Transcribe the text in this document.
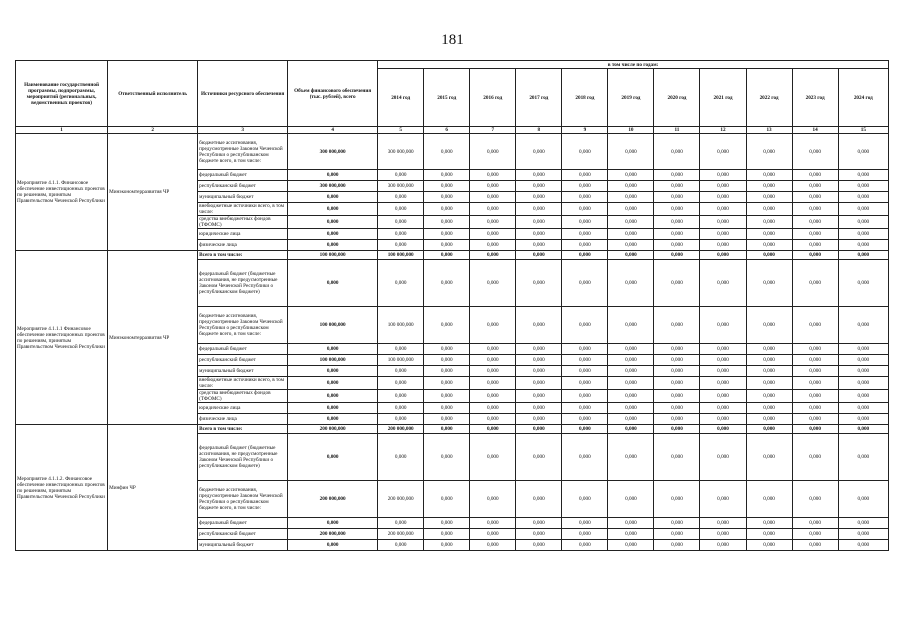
181
Наименование государственной программы, подпрограммы, мероприятий (региональных, ведомственных проектов)	Ответственный исполнитель	Источники ресурсного обеспечения	Объем финансового обеспечения (тыс. рублей), всего	в том числе по годам:										
				2014 год	2015 год	2016 год	2017 год	2018 год	2019 год	2020 год	2021 год	2022 год	2023 год	2024 год
1	2	3	4	5	6	7	8	9	10	11	12	13	14	15
Мероприятие 4.1.1. Финансовое обеспечение инвестиционных проектов по решениям, принятым Правительством Чеченской Республики	Минэкономтерразвития ЧР	бюджетные ассигнования, предусмотренные Законом Чеченской Республики о республиканском бюджете всего, в том числе:	300 000,000	300 000,000	0,000	0,000	0,000	0,000	0,000	0,000	0,000	0,000	0,000	0,000
		федеральный бюджет	0,000	0,000	0,000	0,000	0,000	0,000	0,000	0,000	0,000	0,000	0,000	0,000
		республиканский бюджет	300 000,000	300 000,000	0,000	0,000	0,000	0,000	0,000	0,000	0,000	0,000	0,000	0,000
		муниципальный бюджет	0,000	0,000	0,000	0,000	0,000	0,000	0,000	0,000	0,000	0,000	0,000	0,000
		внебюджетные источники всего, в том числе:	0,000	0,000	0,000	0,000	0,000	0,000	0,000	0,000	0,000	0,000	0,000	0,000
		средства внебюджетных фондов (ТФОМС)	0,000	0,000	0,000	0,000	0,000	0,000	0,000	0,000	0,000	0,000	0,000	0,000
		юридические лица	0,000	0,000	0,000	0,000	0,000	0,000	0,000	0,000	0,000	0,000	0,000	0,000
		физические лица	0,000	0,000	0,000	0,000	0,000	0,000	0,000	0,000	0,000	0,000	0,000	0,000
Мероприятие 4.1.1.1 Финансовое обеспечение инвестиционных проектов по решениям, принятым Правительством Чеченской Республики	Минэкономтерразвития ЧР	Всего в том числе:	100 000,000	100 000,000	0,000	0,000	0,000	0,000	0,000	0,000	0,000	0,000	0,000	0,000
		федеральный бюджет (бюджетные ассигнования, не предусмотренные Законом Чеченской Республики о республиканском бюджете)	0,000	0,000	0,000	0,000	0,000	0,000	0,000	0,000	0,000	0,000	0,000	0,000
		бюджетные ассигнования, предусмотренные Законом Чеченской Республики о республиканском бюджете всего, в том числе:	100 000,000	100 000,000	0,000	0,000	0,000	0,000	0,000	0,000	0,000	0,000	0,000	0,000
		федеральный бюджет	0,000	0,000	0,000	0,000	0,000	0,000	0,000	0,000	0,000	0,000	0,000	0,000
		республиканский бюджет	100 000,000	100 000,000	0,000	0,000	0,000	0,000	0,000	0,000	0,000	0,000	0,000	0,000
		муниципальный бюджет	0,000	0,000	0,000	0,000	0,000	0,000	0,000	0,000	0,000	0,000	0,000	0,000
		внебюджетные источники всего, в том числе:	0,000	0,000	0,000	0,000	0,000	0,000	0,000	0,000	0,000	0,000	0,000	0,000
		средства внебюджетных фондов (ТФОМС)	0,000	0,000	0,000	0,000	0,000	0,000	0,000	0,000	0,000	0,000	0,000	0,000
		юридические лица	0,000	0,000	0,000	0,000	0,000	0,000	0,000	0,000	0,000	0,000	0,000	0,000
		физические лица	0,000	0,000	0,000	0,000	0,000	0,000	0,000	0,000	0,000	0,000	0,000	0,000
Мероприятие 4.1.1.2. Финансовое обеспечение инвестиционных проектов по решениям, принятым Правительством Чеченской Республики	Минфин ЧР	Всего в том числе:	200 000,000	200 000,000	0,000	0,000	0,000	0,000	0,000	0,000	0,000	0,000	0,000	0,000
		федеральный бюджет (бюджетные ассигнования, не предусмотренные Законом Чеченской Республики о республиканском бюджете)	0,000	0,000	0,000	0,000	0,000	0,000	0,000	0,000	0,000	0,000	0,000	0,000
		бюджетные ассигнования, предусмотренные Законом Чеченской Республики о республиканском бюджете всего, в том числе:	200 000,000	200 000,000	0,000	0,000	0,000	0,000	0,000	0,000	0,000	0,000	0,000	0,000
		федеральный бюджет	0,000	0,000	0,000	0,000	0,000	0,000	0,000	0,000	0,000	0,000	0,000	0,000
		республиканский бюджет	200 000,000	200 000,000	0,000	0,000	0,000	0,000	0,000	0,000	0,000	0,000	0,000	0,000
		муниципальный бюджет	0,000	0,000	0,000	0,000	0,000	0,000	0,000	0,000	0,000	0,000	0,000	0,000
